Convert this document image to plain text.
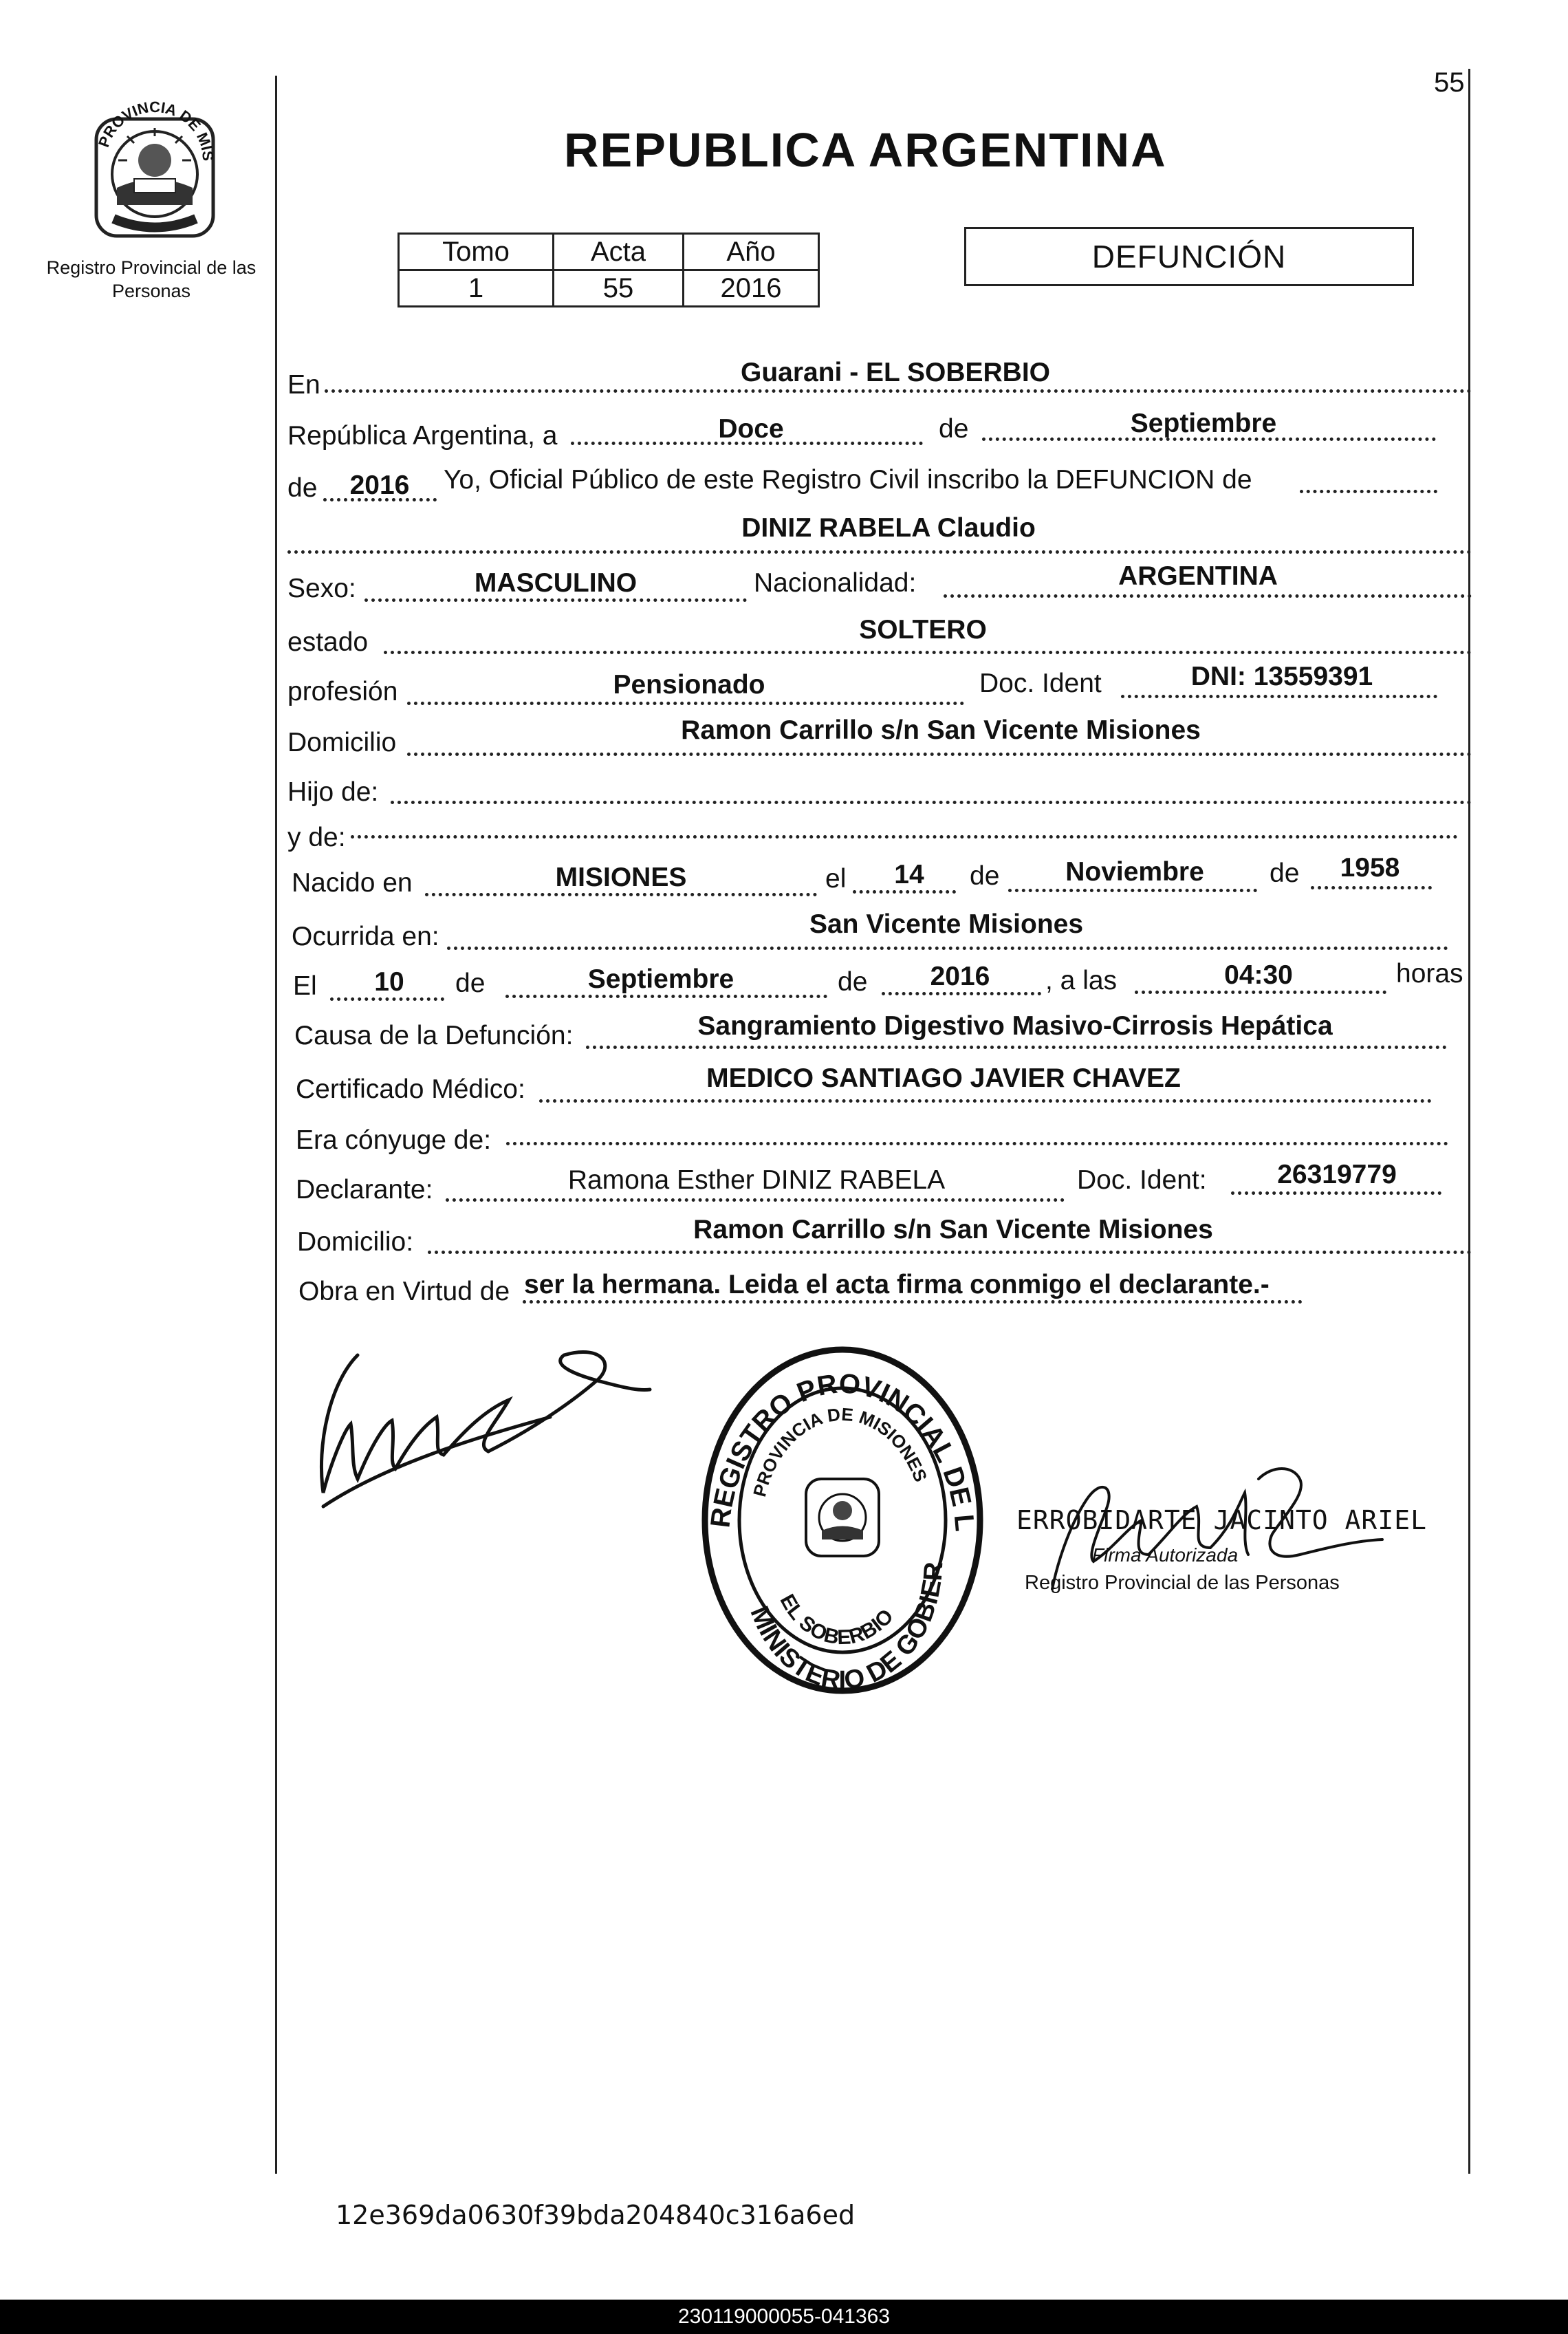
55
PROVINCIA DE MIS
Registro Provincial de las Personas
REPUBLICA ARGENTINA
Tomo	Acta	Año
1	55	2016
DEFUNCIÓN
En	Guarani - EL SOBERBIO
República Argentina, a	Doce	de	Septiembre
de 2016 Yo, Oficial Público de este Registro Civil inscribo la DEFUNCION de
DINIZ RABELA Claudio
Sexo:	MASCULINO	Nacionalidad:	ARGENTINA
estado	SOLTERO
profesión	Pensionado	Doc. Ident	DNI: 13559391
Domicilio	Ramon Carrillo s/n San Vicente Misiones
Hijo de:
y de:
Nacido en	MISIONES	el 14 de Noviembre de 1958
Ocurrida en:	San Vicente Misiones
El 10 de	Septiembre	de 2016 , a las	04:30	horas
Causa de la Defunción:	Sangramiento Digestivo Masivo-Cirrosis Hepática
Certificado Médico:	MEDICO SANTIAGO JAVIER CHAVEZ
Era cónyuge de:
Declarante:	Ramona Esther DINIZ RABELA	Doc. Ident:	26319779
Domicilio:	Ramon Carrillo s/n San Vicente Misiones
Obra en Virtud de ser la hermana. Leida el acta firma conmigo el declarante.-
REGISTRO PROVINCIAL DE L
PROVINCIA DE MISIONES
MINISTERIO DE GOBIER
EL SOBERBIO
ERROBIDARTE JACINTO ARIEL
Firma Autorizada
Registro Provincial de las Personas
12e369da0630f39bda204840c316a6ed
230119000055-041363
